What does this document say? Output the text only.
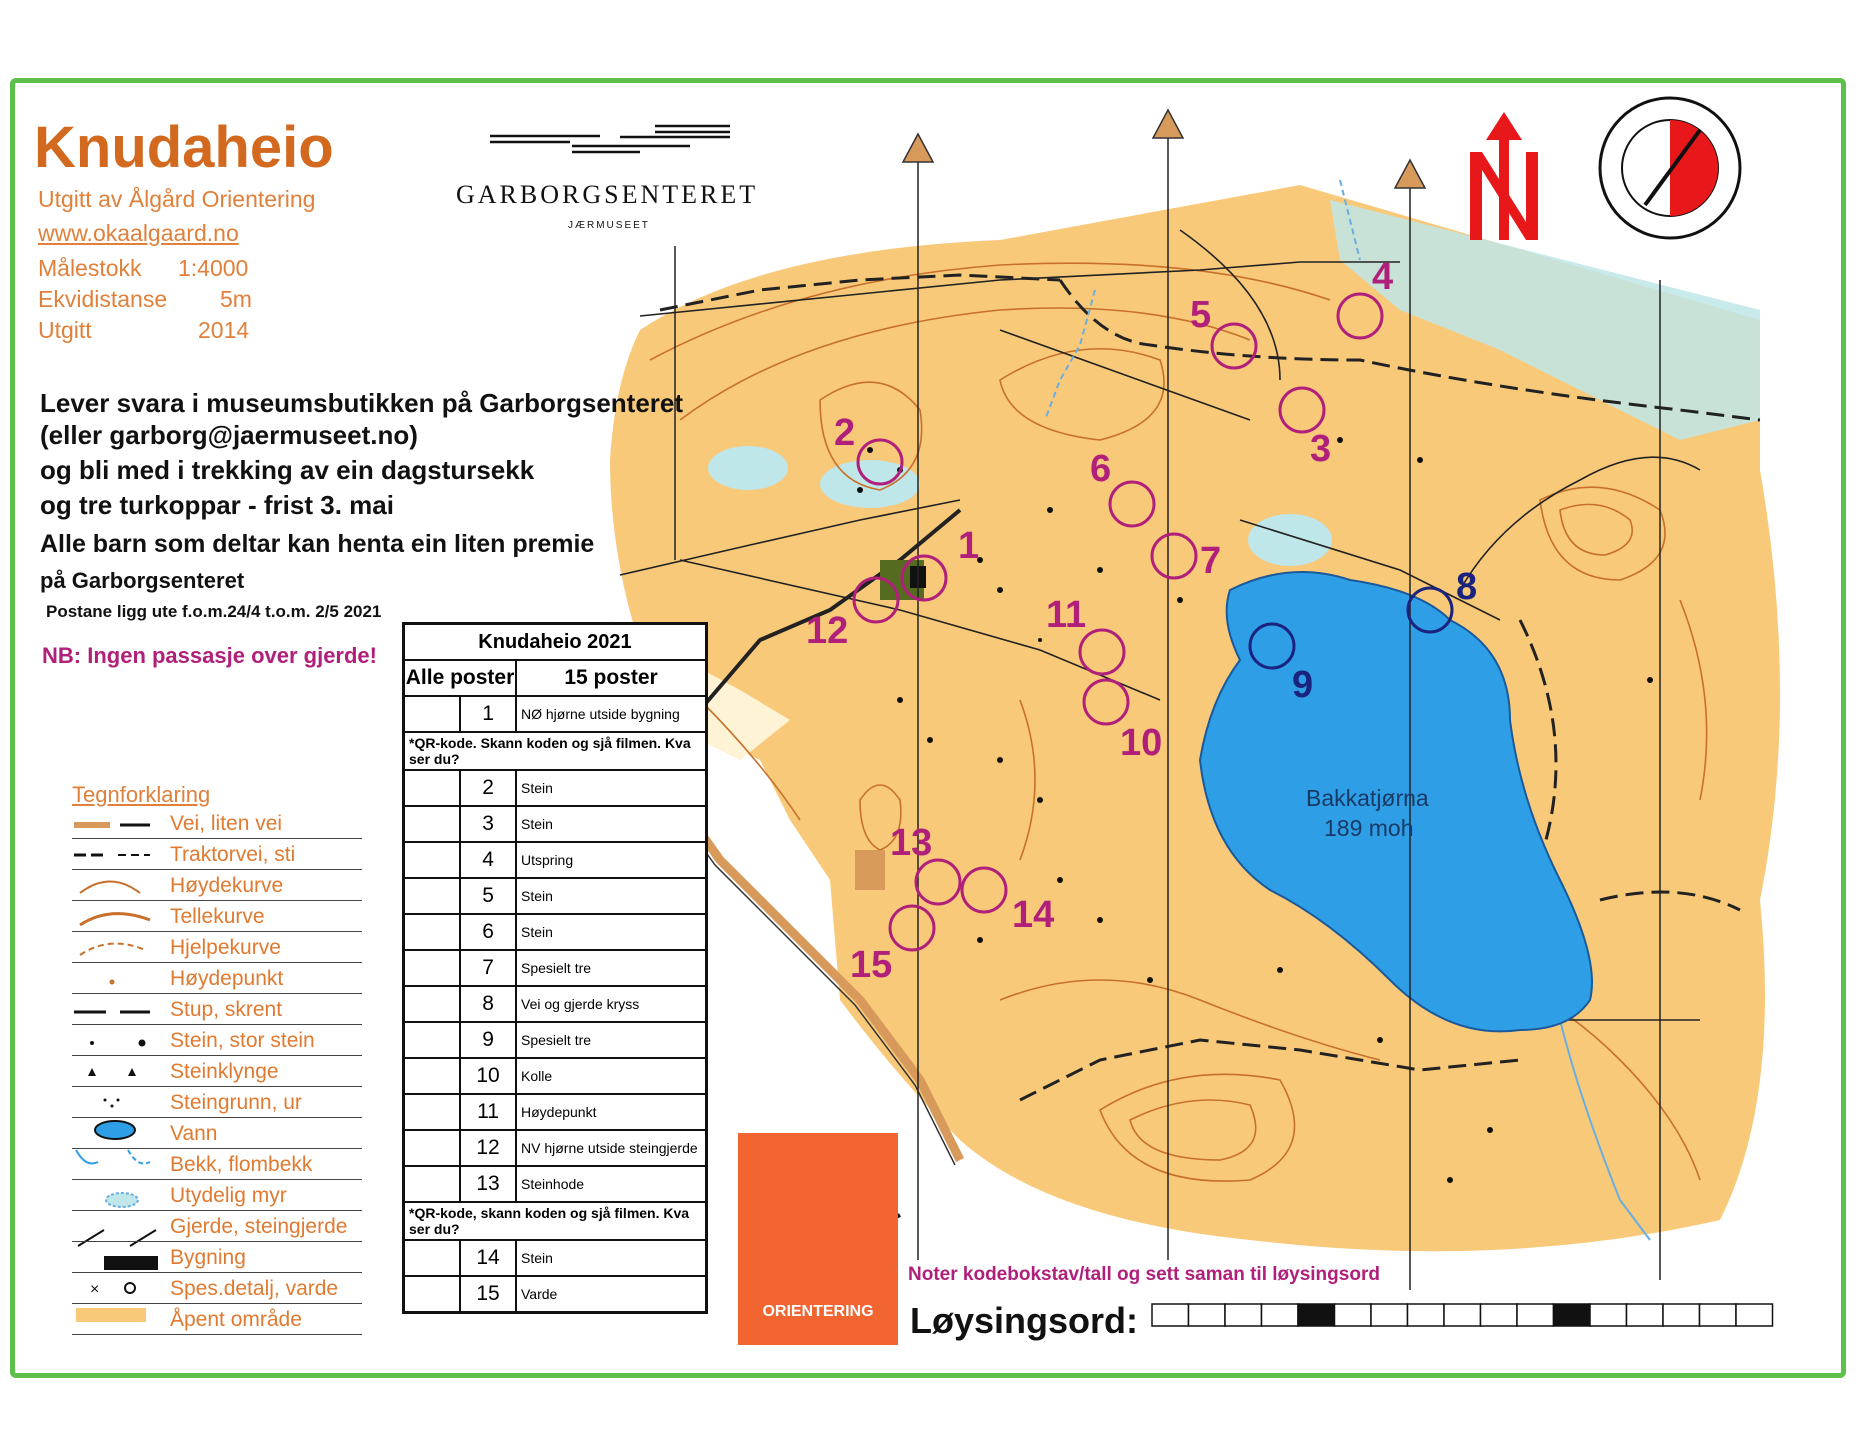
×
Knudaheio
Utgitt av Ålgård Orientering
www.okaalgaard.no
Målestokk 1:4000
Ekvidistanse 5m
Utgitt	2014
GARBORGSENTERET
JÆRMUSEET
Lever svara i museumsbutikken på Garborgsenteret
(eller garborg@jaermuseet.no)
og bli med i trekking av ein dagstursekk
og tre turkoppar - frist 3. mai
Alle barn som deltar kan henta ein liten premie
på Garborgsenteret
Postane ligg ute f.o.m.24/4 t.o.m. 2/5 2021
NB: Ingen passasje over gjerde!
Tegnforklaring
Vei, liten vei
Traktorvei, sti
Høydekurve
Tellekurve
Hjelpekurve
Høydepunkt
Stup, skrent
Stein, stor stein
Steinklynge
Steingrunn, ur
Vann
Bekk, flombekk
Utydelig myr
Gjerde, steingjerde
Bygning
Spes.detalj, varde
Åpent område
Knudaheio 2021		
Alle poster		15 poster
	1	NØ hjørne utside bygning
*QR-kode. Skann koden og sjå filmen. Kva ser du?		
	2	Stein
	3	Stein
	4	Utspring
	5	Stein
	6	Stein
	7	Spesielt tre
	8	Vei og gjerde kryss
	9	Spesielt tre
	10	Kolle
	11	Høydepunkt
	12	NV hjørne utside steingjerde
	13	Steinhode
*QR-kode, skann koden og sjå filmen. Kva ser du?		
	14	Stein
	15	Varde
Bakkatjørna
189 moh
1
2	3
4
5
6
7
8
9
10
11
12
13
14
15
ORIENTERING
Noter kodebokstav/tall og sett saman til løysingsord
Løysingsord:
